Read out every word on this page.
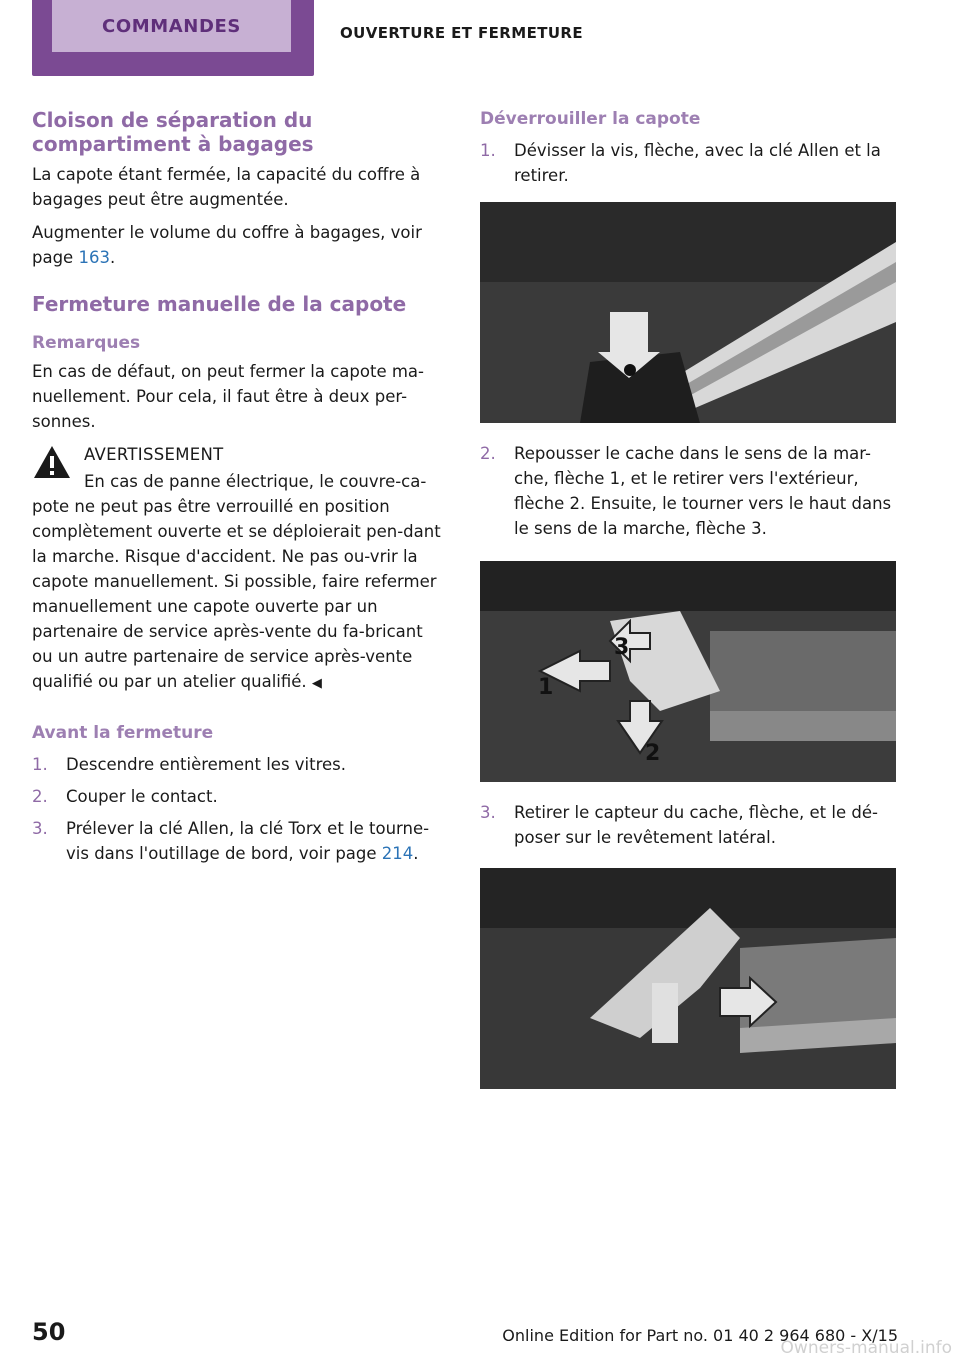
COMMANDES	OUVERTURE ET FERMETURE
Cloison de séparation du compartiment à bagages

La capote étant fermée, la capacité du coffre à bagages peut être augmentée.

Augmenter le volume du coffre à bagages, voir page 163.

Fermeture manuelle de la capote
Remarques

En cas de défaut, on peut fermer la capote ma-nuellement. Pour cela, il faut être à deux per-sonnes.

AVERTISSEMENT

En cas de panne électrique, le couvre-ca-pote ne peut pas être verrouillé en position complètement ouverte et se déploierait pen-dant la marche. Risque d'accident. Ne pas ou-vrir la capote manuellement. Si possible, faire refermer manuellement une capote ouverte par un partenaire de service après-vente du fa-bricant ou un autre partenaire de service après-vente qualifié ou par un atelier qualifié. ◀

Avant la fermeture
1. Descendre entièrement les vitres.
2. Couper le contact.
3. Prélever la clé Allen, la clé Torx et le tourne-vis dans l'outillage de bord, voir page 214.
Déverrouiller la capote
1. Dévisser la vis, flèche, avec la clé Allen et la retirer.
2. Repousser le cache dans le sens de la mar-che, flèche 1, et le retirer vers l'extérieur, flèche 2. Ensuite, le tourner vers le haut dans le sens de la marche, flèche 3.
1
2
3
3. Retirer le capteur du cache, flèche, et le dé-poser sur le revêtement latéral.
50	Online Edition for Part no. 01 40 2 964 680 - X/15
Owners-manual.info
